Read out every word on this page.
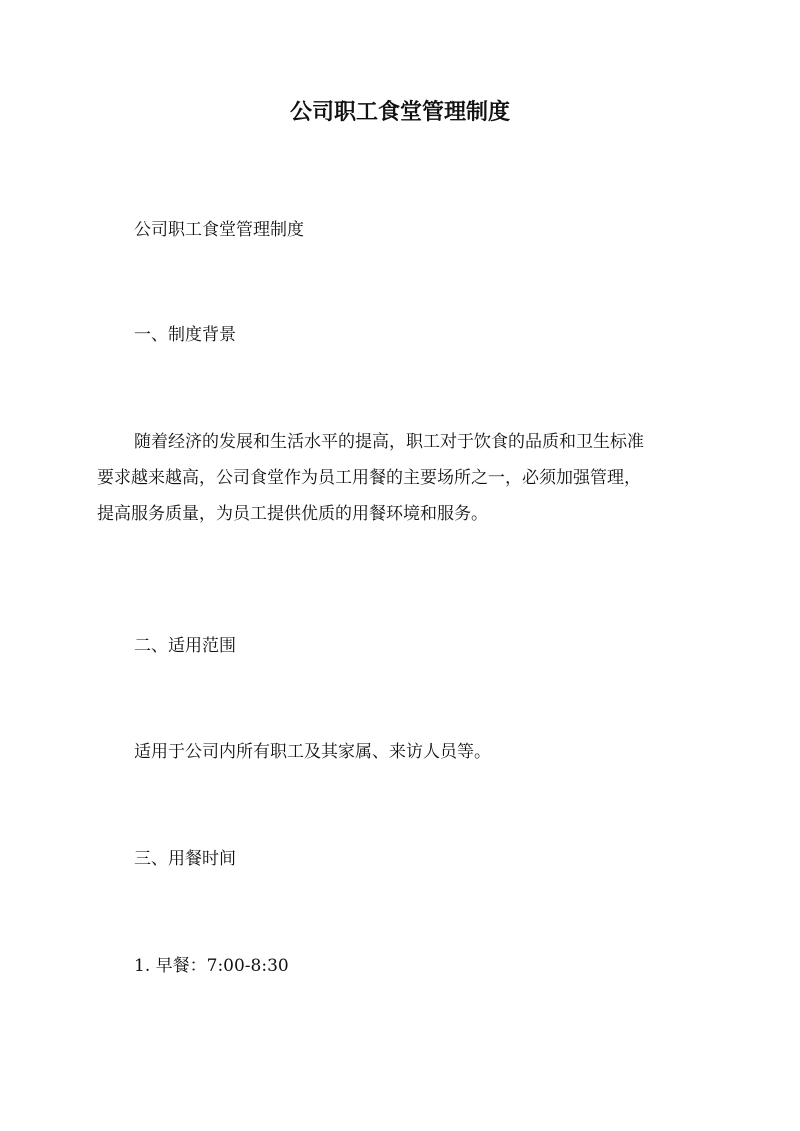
公司职工食堂管理制度

公司职工食堂管理制度

一、制度背景

随着经济的发展和生活水平的提高，职工对于饮食的品质和卫生标准
要求越来越高，公司食堂作为员工用餐的主要场所之一，必须加强管理，
提高服务质量，为员工提供优质的用餐环境和服务。

二、适用范围

适用于公司内所有职工及其家属、来访人员等。

三、用餐时间

1. 早餐：7:00-8:30
